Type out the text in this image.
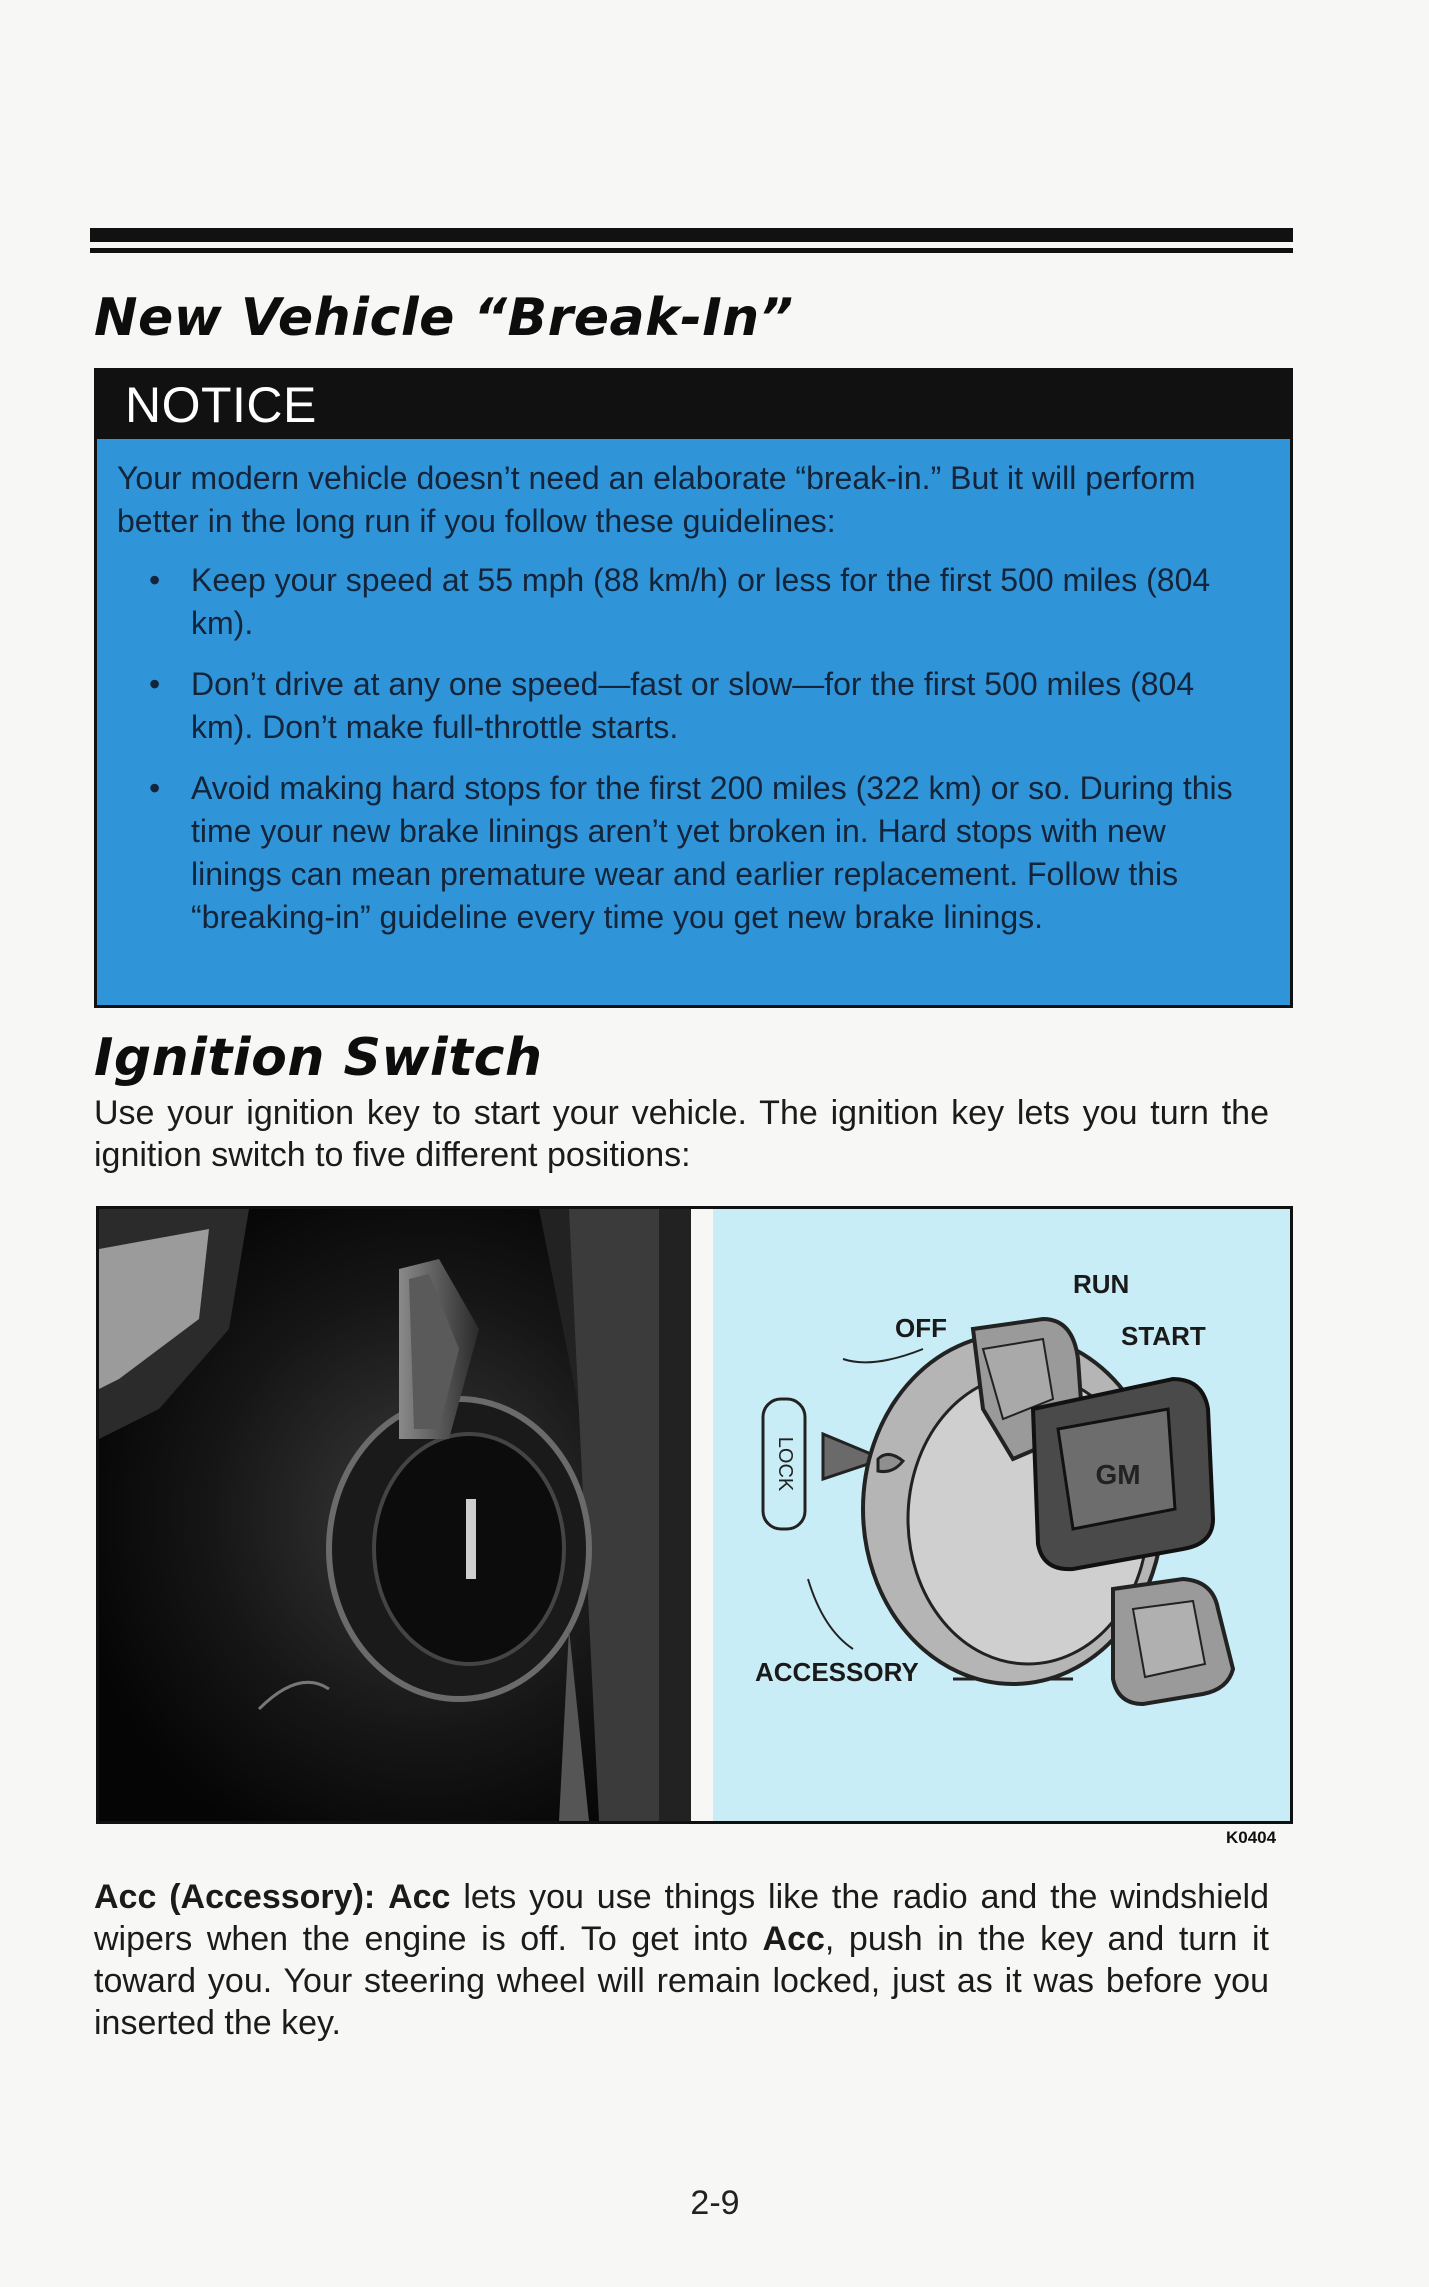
New Vehicle “Break-In”
NOTICE

Your modern vehicle doesn’t need an elaborate “break-in.” But it will perform better in the long run if you follow these guidelines:

• Keep your speed at 55 mph (88 km/h) or less for the first 500 miles (804 km).
• Don’t drive at any one speed—fast or slow—for the first 500 miles (804 km). Don’t make full-throttle starts.
• Avoid making hard stops for the first 200 miles (322 km) or so. During this time your new brake linings aren’t yet broken in. Hard stops with new linings can mean premature wear and earlier replacement. Follow this “breaking-in” guideline every time you get new brake linings.
Ignition Switch

Use your ignition key to start your vehicle. The ignition key lets you turn the ignition switch to five different positions:

LOCK	GM
RUN
OFF	START
ACCESSORY
K0404

Acc (Accessory): Acc lets you use things like the radio and the windshield wipers when the engine is off. To get into Acc, push in the key and turn it toward you. Your steering wheel will remain locked, just as it was before you inserted the key.

2-9
